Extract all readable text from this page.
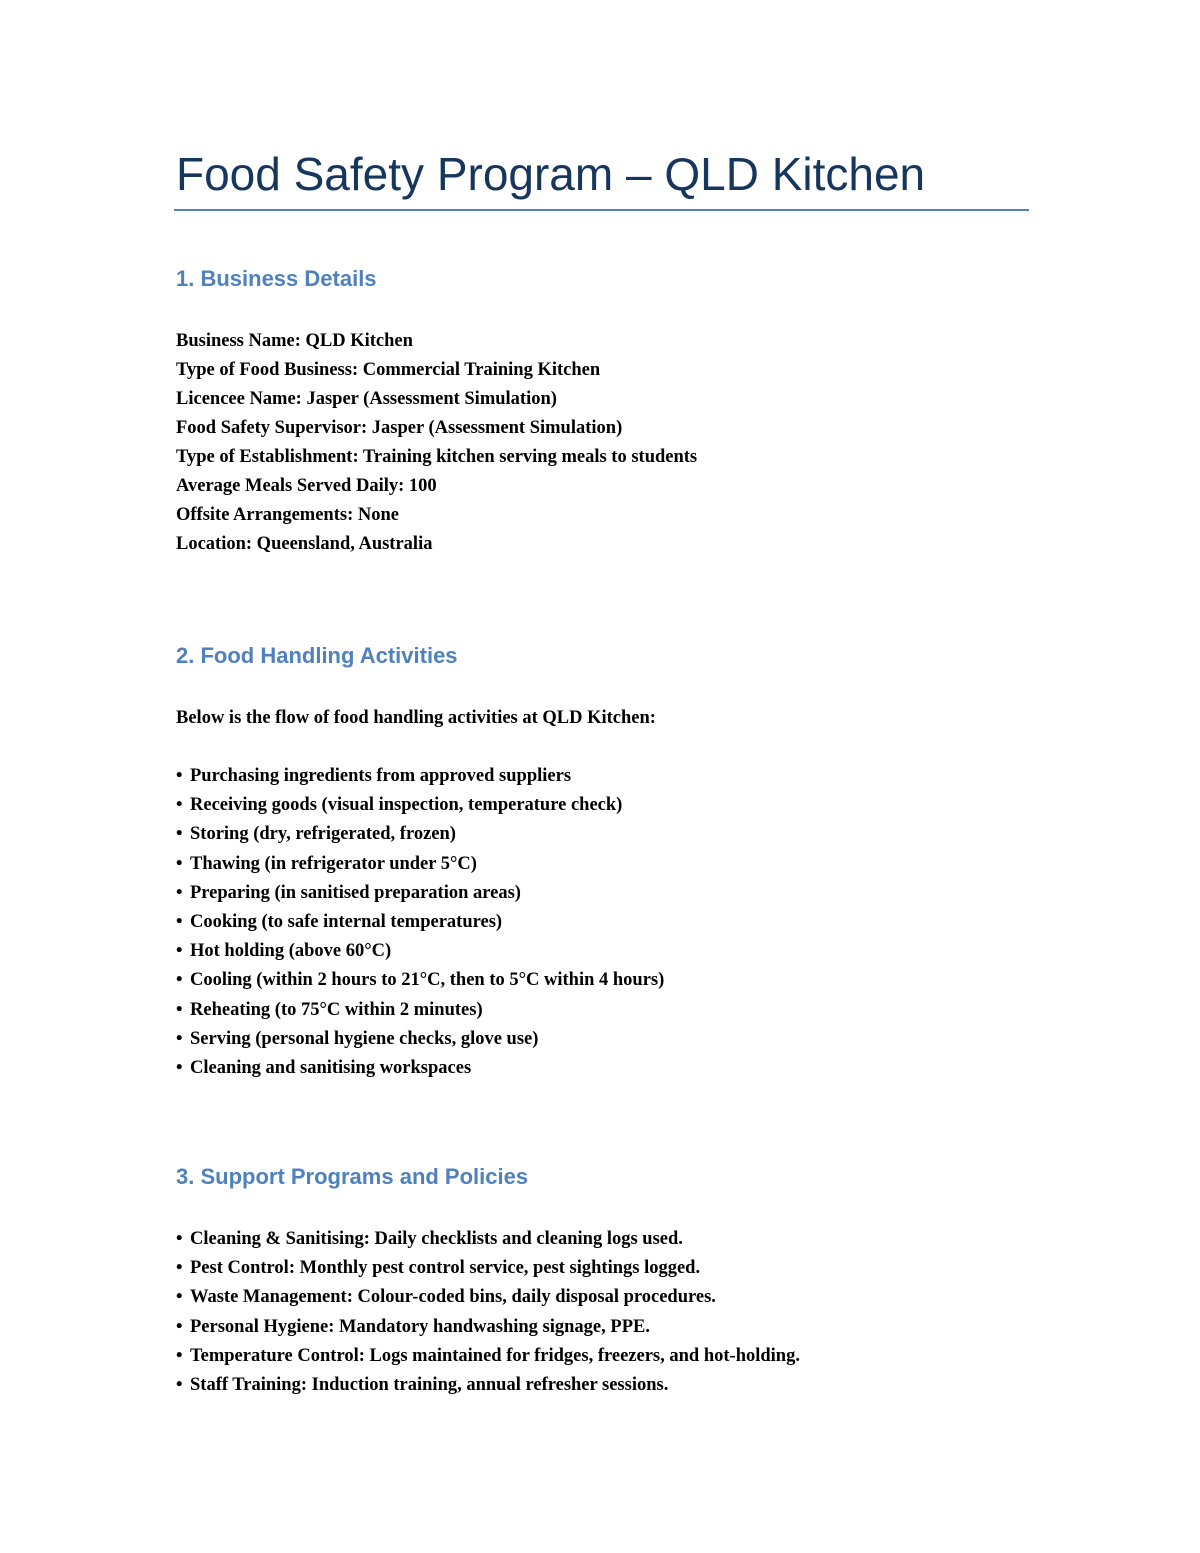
Food Safety Program – QLD Kitchen
1. Business Details
Business Name: QLD Kitchen
Type of Food Business: Commercial Training Kitchen
Licencee Name: Jasper (Assessment Simulation)
Food Safety Supervisor: Jasper (Assessment Simulation)
Type of Establishment: Training kitchen serving meals to students
Average Meals Served Daily: 100
Offsite Arrangements: None
Location: Queensland, Australia
2. Food Handling Activities

Below is the flow of food handling activities at QLD Kitchen:

• Purchasing ingredients from approved suppliers
• Receiving goods (visual inspection, temperature check)
• Storing (dry, refrigerated, frozen)
• Thawing (in refrigerator under 5°C)
• Preparing (in sanitised preparation areas)
• Cooking (to safe internal temperatures)
• Hot holding (above 60°C)
• Cooling (within 2 hours to 21°C, then to 5°C within 4 hours)
• Reheating (to 75°C within 2 minutes)
• Serving (personal hygiene checks, glove use)
• Cleaning and sanitising workspaces
3. Support Programs and Policies
• Cleaning & Sanitising: Daily checklists and cleaning logs used.
• Pest Control: Monthly pest control service, pest sightings logged.
• Waste Management: Colour-coded bins, daily disposal procedures.
• Personal Hygiene: Mandatory handwashing signage, PPE.
• Temperature Control: Logs maintained for fridges, freezers, and hot-holding.
• Staff Training: Induction training, annual refresher sessions.
